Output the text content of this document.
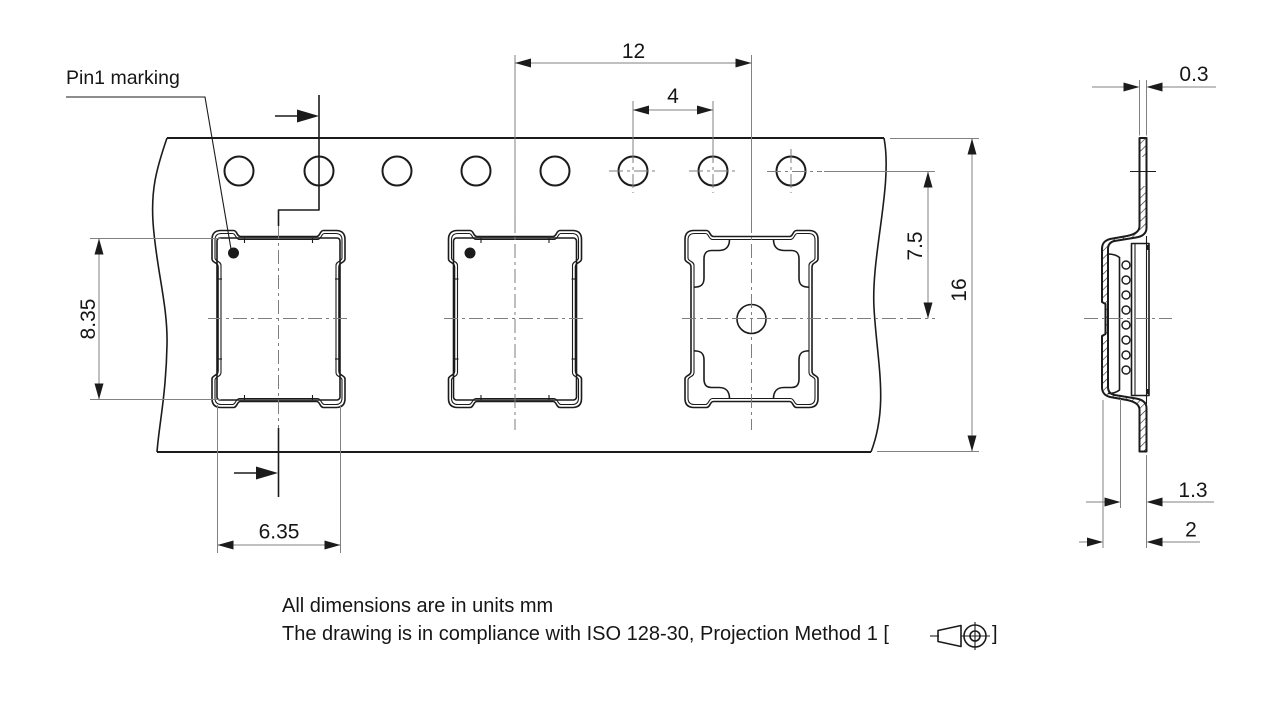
Pin1 marking
12
4
6.35
8.35
7.5
16
0.3
1.3
2
All dimensions are in units mm
The drawing is in compliance with ISO 128-30, Projection Method 1 [	]
